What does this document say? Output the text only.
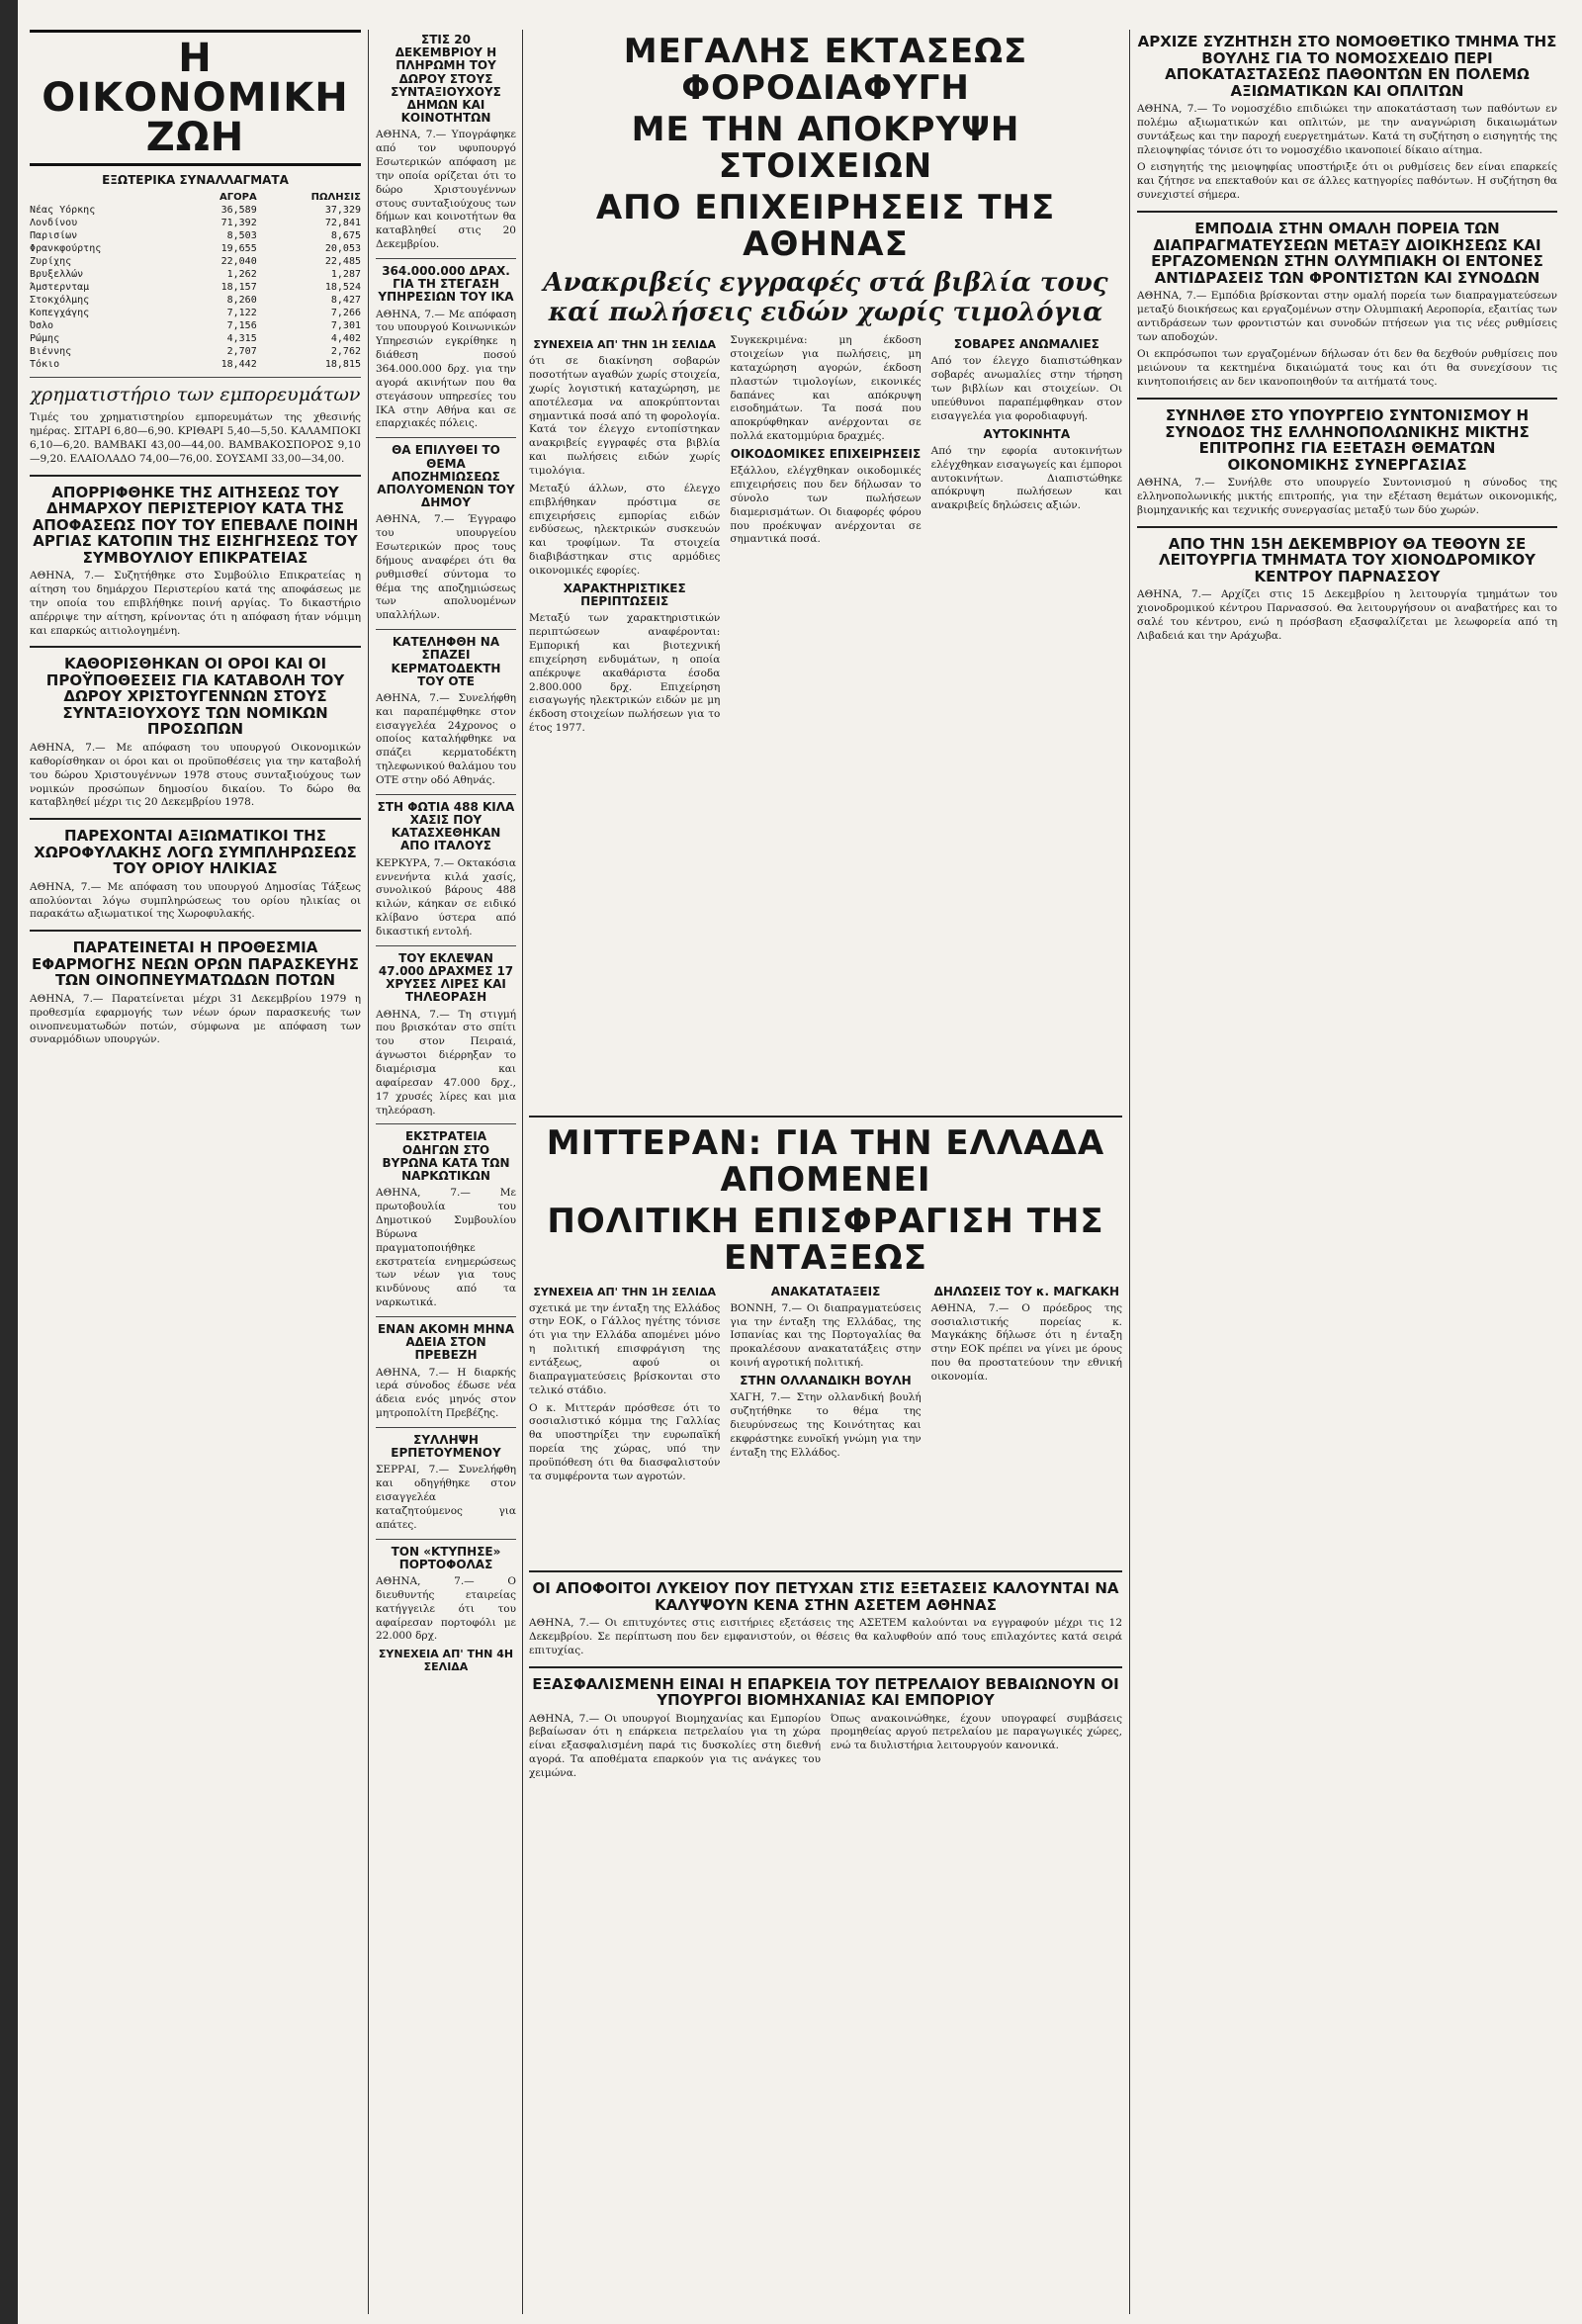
Η ΟΙΚΟΝΟΜΙΚΗ ΖΩΗ
ΕΞΩΤΕΡΙΚΑ ΣΥΝΑΛΛΑΓΜΑΤΑ
	ΑΓΟΡΑ	ΠΩΛΗΣΙΣ
Νέας Υόρκης	36,589	37,329
Λονδίνου	71,392	72,841
Παρισίων	8,503	8,675
Φρανκφούρτης	19,655	20,053
Ζυρίχης	22,040	22,485
Βρυξελλών	1,262	1,287
Άμστερνταμ	18,157	18,524
Στοκχόλμης	8,260	8,427
Κοπεγχάγης	7,122	7,266
Όσλο	7,156	7,301
Ρώμης	4,315	4,402
Βιέννης	2,707	2,762
Τόκιο	18,442	18,815
χρηματιστήριο των εμπορευμάτων

Τιμές του χρηματιστηρίου εμπορευμάτων της χθεσινής ημέρας. ΣΙΤΑΡΙ 6,80—6,90. ΚΡΙΘΑΡΙ 5,40—5,50. ΚΑΛΑΜΠΟΚΙ 6,10—6,20. ΒΑΜΒΑΚΙ 43,00—44,00. ΒΑΜΒΑΚΟΣΠΟΡΟΣ 9,10—9,20. ΕΛΑΙΟΛΑΔΟ 74,00—76,00. ΣΟΥΣΑΜΙ 33,00—34,00.

ΑΠΟΡΡΙΦΘΗΚΕ ΤΗΣ ΑΙΤΗΣΕΩΣ ΤΟΥ ΔΗΜΑΡΧΟΥ ΠΕΡΙΣΤΕΡΙΟΥ ΚΑΤΑ ΤΗΣ ΑΠΟΦΑΣΕΩΣ ΠΟΥ ΤΟΥ ΕΠΕΒΑΛΕ ΠΟΙΝΗ ΑΡΓΙΑΣ ΚΑΤΟΠΙΝ ΤΗΣ ΕΙΣΗΓΗΣΕΩΣ ΤΟΥ ΣΥΜΒΟΥΛΙΟΥ ΕΠΙΚΡΑΤΕΙΑΣ

ΑΘΗΝΑ, 7.— Συζητήθηκε στο Συμβούλιο Επικρατείας η αίτηση του δημάρχου Περιστερίου κατά της αποφάσεως με την οποία του επιβλήθηκε ποινή αργίας. Το δικαστήριο απέρριψε την αίτηση, κρίνοντας ότι η απόφαση ήταν νόμιμη και επαρκώς αιτιολογημένη.

ΚΑΘΟΡΙΣΘΗΚΑΝ ΟΙ ΟΡΟΙ ΚΑΙ ΟΙ ΠΡΟΫΠΟΘΕΣΕΙΣ ΓΙΑ ΚΑΤΑΒΟΛΗ ΤΟΥ ΔΩΡΟΥ ΧΡΙΣΤΟΥΓΕΝΝΩΝ ΣΤΟΥΣ ΣΥΝΤΑΞΙΟΥΧΟΥΣ ΤΩΝ ΝΟΜΙΚΩΝ ΠΡΟΣΩΠΩΝ

ΑΘΗΝΑ, 7.— Με απόφαση του υπουργού Οικονομικών καθορίσθηκαν οι όροι και οι προϋποθέσεις για την καταβολή του δώρου Χριστουγέννων 1978 στους συνταξιούχους των νομικών προσώπων δημοσίου δικαίου. Το δώρο θα καταβληθεί μέχρι τις 20 Δεκεμβρίου 1978.

ΠΑΡΕΧΟΝΤΑΙ ΑΞΙΩΜΑΤΙΚΟΙ ΤΗΣ ΧΩΡΟΦΥΛΑΚΗΣ ΛΟΓΩ ΣΥΜΠΛΗΡΩΣΕΩΣ ΤΟΥ ΟΡΙΟΥ ΗΛΙΚΙΑΣ

ΑΘΗΝΑ, 7.— Με απόφαση του υπουργού Δημοσίας Τάξεως απολύονται λόγω συμπληρώσεως του ορίου ηλικίας οι παρακάτω αξιωματικοί της Χωροφυλακής.

ΠΑΡΑΤΕΙΝΕΤΑΙ Η ΠΡΟΘΕΣΜΙΑ ΕΦΑΡΜΟΓΗΣ ΝΕΩΝ ΟΡΩΝ ΠΑΡΑΣΚΕΥΗΣ ΤΩΝ ΟΙΝΟΠΝΕΥΜΑΤΩΔΩΝ ΠΟΤΩΝ

ΑΘΗΝΑ, 7.— Παρατείνεται μέχρι 31 Δεκεμβρίου 1979 η προθεσμία εφαρμογής των νέων όρων παρασκευής των οινοπνευματωδών ποτών, σύμφωνα με απόφαση των συναρμόδιων υπουργών.

ΣΤΙΣ 20 ΔΕΚΕΜΒΡΙΟΥ Η ΠΛΗΡΩΜΗ ΤΟΥ ΔΩΡΟΥ ΣΤΟΥΣ ΣΥΝΤΑΞΙΟΥΧΟΥΣ ΔΗΜΩΝ ΚΑΙ ΚΟΙΝΟΤΗΤΩΝ

ΑΘΗΝΑ, 7.— Υπογράφηκε από τον υφυπουργό Εσωτερικών απόφαση με την οποία ορίζεται ότι το δώρο Χριστουγέννων στους συνταξιούχους των δήμων και κοινοτήτων θα καταβληθεί στις 20 Δεκεμβρίου.

364.000.000 ΔΡΑΧ. ΓΙΑ ΤΗ ΣΤΕΓΑΣΗ ΥΠΗΡΕΣΙΩΝ ΤΟΥ ΙΚΑ

ΑΘΗΝΑ, 7.— Με απόφαση του υπουργού Κοινωνικών Υπηρεσιών εγκρίθηκε η διάθεση ποσού 364.000.000 δρχ. για την αγορά ακινήτων που θα στεγάσουν υπηρεσίες του ΙΚΑ στην Αθήνα και σε επαρχιακές πόλεις.

ΘΑ ΕΠΙΛΥΘΕΙ ΤΟ ΘΕΜΑ ΑΠΟΖΗΜΙΩΣΕΩΣ ΑΠΟΛΥΟΜΕΝΩΝ ΤΟΥ ΔΗΜΟΥ

ΑΘΗΝΑ, 7.— Έγγραφο του υπουργείου Εσωτερικών προς τους δήμους αναφέρει ότι θα ρυθμισθεί σύντομα το θέμα της αποζημιώσεως των απολυομένων υπαλλήλων.

ΚΑΤΕΛΗΦΘΗ ΝΑ ΣΠΑΖΕΙ ΚΕΡΜΑΤΟΔΕΚΤΗ ΤΟΥ ΟΤΕ

ΑΘΗΝΑ, 7.— Συνελήφθη και παραπέμφθηκε στον εισαγγελέα 24χρονος ο οποίος καταλήφθηκε να σπάζει κερματοδέκτη τηλεφωνικού θαλάμου του ΟΤΕ στην οδό Αθηνάς.

ΣΤΗ ΦΩΤΙΑ 488 ΚΙΛΑ ΧΑΣΙΣ ΠΟΥ ΚΑΤΑΣΧΕΘΗΚΑΝ ΑΠΟ ΙΤΑΛΟΥΣ

ΚΕΡΚΥΡΑ, 7.— Οκτακόσια εννενήντα κιλά χασίς, συνολικού βάρους 488 κιλών, κάηκαν σε ειδικό κλίβανο ύστερα από δικαστική εντολή.

ΤΟΥ ΕΚΛΕΨΑΝ 47.000 ΔΡΑΧΜΕΣ 17 ΧΡΥΣΕΣ ΛΙΡΕΣ ΚΑΙ ΤΗΛΕΟΡΑΣΗ

ΑΘΗΝΑ, 7.— Τη στιγμή που βρισκόταν στο σπίτι του στον Πειραιά, άγνωστοι διέρρηξαν το διαμέρισμα και αφαίρεσαν 47.000 δρχ., 17 χρυσές λίρες και μια τηλεόραση.

ΕΚΣΤΡΑΤΕΙΑ ΟΔΗΓΩΝ ΣΤΟ ΒΥΡΩΝΑ ΚΑΤΑ ΤΩΝ ΝΑΡΚΩΤΙΚΩΝ

ΑΘΗΝΑ, 7.— Με πρωτοβουλία του Δημοτικού Συμβουλίου Βύρωνα πραγματοποιήθηκε εκστρατεία ενημερώσεως των νέων για τους κινδύνους από τα ναρκωτικά.

ΕΝΑΝ ΑΚΟΜΗ ΜΗΝΑ ΑΔΕΙΑ ΣΤΟΝ ΠΡΕΒΕΖΗ

ΑΘΗΝΑ, 7.— Η διαρκής ιερά σύνοδος έδωσε νέα άδεια ενός μηνός στον μητροπολίτη Πρεβέζης.

ΣΥΛΛΗΨΗ ΕΡΠΕΤΟΥΜΕΝΟΥ

ΣΕΡΡΑΙ, 7.— Συνελήφθη και οδηγήθηκε στον εισαγγελέα καταζητούμενος για απάτες.

ΤΟΝ «ΚΤΥΠΗΣΕ» ΠΟΡΤΟΦΟΛΑΣ

ΑΘΗΝΑ, 7.— Ο διευθυντής εταιρείας κατήγγειλε ότι του αφαίρεσαν πορτοφόλι με 22.000 δρχ.

ΣΥΝΕΧΕΙΑ ΑΠ' ΤΗΝ 4Η ΣΕΛΙΔΑ
ΜΕΓΑΛΗΣ ΕΚΤΑΣΕΩΣ ΦΟΡΟΔΙΑΦΥΓΗ
ΜΕ ΤΗΝ ΑΠΟΚΡΥΨΗ ΣΤΟΙΧΕΙΩΝ
ΑΠΟ ΕΠΙΧΕΙΡΗΣΕΙΣ ΤΗΣ ΑΘΗΝΑΣ
Ανακριβείς εγγραφές στά βιβλία τους καί πωλήσεις ειδών χωρίς τιμολόγια
ΣΥΝΕΧΕΙΑ ΑΠ' ΤΗΝ 1Η ΣΕΛΙΔΑ

ότι σε διακίνηση σοβαρών ποσοτήτων αγαθών χωρίς στοιχεία, χωρίς λογιστική καταχώρηση, με αποτέλεσμα να αποκρύπτονται σημαντικά ποσά από τη φορολογία. Κατά τον έλεγχο εντοπίστηκαν ανακριβείς εγγραφές στα βιβλία και πωλήσεις ειδών χωρίς τιμολόγια.

Μεταξύ άλλων, στο έλεγχο επιβλήθηκαν πρόστιμα σε επιχειρήσεις εμπορίας ειδών ενδύσεως, ηλεκτρικών συσκευών και τροφίμων. Τα στοιχεία διαβιβάστηκαν στις αρμόδιες οικονομικές εφορίες.

ΧΑΡΑΚΤΗΡΙΣΤΙΚΕΣ ΠΕΡΙΠΤΩΣΕΙΣ

Μεταξύ των χαρακτηριστικών περιπτώσεων αναφέρονται: Εμπορική και βιοτεχνική επιχείρηση ενδυμάτων, η οποία απέκρυψε ακαθάριστα έσοδα 2.800.000 δρχ. Επιχείρηση εισαγωγής ηλεκτρικών ειδών με μη έκδοση στοιχείων πωλήσεων για το έτος 1977.

Συγκεκριμένα: μη έκδοση στοιχείων για πωλήσεις, μη καταχώρηση αγορών, έκδοση πλαστών τιμολογίων, εικονικές δαπάνες και απόκρυψη εισοδημάτων. Τα ποσά που αποκρύφθηκαν ανέρχονται σε πολλά εκατομμύρια δραχμές.

ΟΙΚΟΔΟΜΙΚΕΣ ΕΠΙΧΕΙΡΗΣΕΙΣ

Εξάλλου, ελέγχθηκαν οικοδομικές επιχειρήσεις που δεν δήλωσαν το σύνολο των πωλήσεων διαμερισμάτων. Οι διαφορές φόρου που προέκυψαν ανέρχονται σε σημαντικά ποσά.

ΣΟΒΑΡΕΣ ΑΝΩΜΑΛΙΕΣ

Από τον έλεγχο διαπιστώθηκαν σοβαρές ανωμαλίες στην τήρηση των βιβλίων και στοιχείων. Οι υπεύθυνοι παραπέμφθηκαν στον εισαγγελέα για φοροδιαφυγή.

ΑΥΤΟΚΙΝΗΤΑ

Από την εφορία αυτοκινήτων ελέγχθηκαν εισαγωγείς και έμποροι αυτοκινήτων. Διαπιστώθηκε απόκρυψη πωλήσεων και ανακριβείς δηλώσεις αξιών.

ΜΙΤΤΕΡΑΝ: ΓΙΑ ΤΗΝ ΕΛΛΑΔΑ ΑΠΟΜΕΝΕΙ
ΠΟΛΙΤΙΚΗ ΕΠΙΣΦΡΑΓΙΣΗ ΤΗΣ ΕΝΤΑΞΕΩΣ
ΣΥΝΕΧΕΙΑ ΑΠ' ΤΗΝ 1Η ΣΕΛΙΔΑ

σχετικά με την ένταξη της Ελλάδος στην ΕΟΚ, ο Γάλλος ηγέτης τόνισε ότι για την Ελλάδα απομένει μόνο η πολιτική επισφράγιση της εντάξεως, αφού οι διαπραγματεύσεις βρίσκονται στο τελικό στάδιο.

Ο κ. Μιττεράν πρόσθεσε ότι το σοσιαλιστικό κόμμα της Γαλλίας θα υποστηρίξει την ευρωπαϊκή πορεία της χώρας, υπό την προϋπόθεση ότι θα διασφαλιστούν τα συμφέροντα των αγροτών.

ΑΝΑΚΑΤΑΤΑΞΕΙΣ

ΒΟΝΝΗ, 7.— Οι διαπραγματεύσεις για την ένταξη της Ελλάδας, της Ισπανίας και της Πορτογαλίας θα προκαλέσουν ανακατατάξεις στην κοινή αγροτική πολιτική.

ΣΤΗΝ ΟΛΛΑΝΔΙΚΗ ΒΟΥΛΗ

ΧΑΓΗ, 7.— Στην ολλανδική βουλή συζητήθηκε το θέμα της διευρύνσεως της Κοινότητας και εκφράστηκε ευνοϊκή γνώμη για την ένταξη της Ελλάδος.

ΔΗΛΩΣΕΙΣ ΤΟΥ κ. ΜΑΓΚΑΚΗ

ΑΘΗΝΑ, 7.— Ο πρόεδρος της σοσιαλιστικής πορείας κ. Μαγκάκης δήλωσε ότι η ένταξη στην ΕΟΚ πρέπει να γίνει με όρους που θα προστατεύουν την εθνική οικονομία.

ΟΙ ΑΠΟΦΟΙΤΟΙ ΛΥΚΕΙΟΥ ΠΟΥ ΠΕΤΥΧΑΝ ΣΤΙΣ ΕΞΕΤΑΣΕΙΣ ΚΑΛΟΥΝΤΑΙ ΝΑ ΚΑΛΥΨΟΥΝ ΚΕΝΑ ΣΤΗΝ ΑΣΕΤΕΜ ΑΘΗΝΑΣ

ΑΘΗΝΑ, 7.— Οι επιτυχόντες στις εισιτήριες εξετάσεις της ΑΣΕΤΕΜ καλούνται να εγγραφούν μέχρι τις 12 Δεκεμβρίου. Σε περίπτωση που δεν εμφανιστούν, οι θέσεις θα καλυφθούν από τους επιλαχόντες κατά σειρά επιτυχίας.

ΕΞΑΣΦΑΛΙΣΜΕΝΗ ΕΙΝΑΙ Η ΕΠΑΡΚΕΙΑ ΤΟΥ ΠΕΤΡΕΛΑΙΟΥ ΒΕΒΑΙΩΝΟΥΝ ΟΙ ΥΠΟΥΡΓΟΙ ΒΙΟΜΗΧΑΝΙΑΣ ΚΑΙ ΕΜΠΟΡΙΟΥ

ΑΘΗΝΑ, 7.— Οι υπουργοί Βιομηχανίας και Εμπορίου βεβαίωσαν ότι η επάρκεια πετρελαίου για τη χώρα είναι εξασφαλισμένη παρά τις δυσκολίες στη διεθνή αγορά. Τα αποθέματα επαρκούν για τις ανάγκες του χειμώνα.

Όπως ανακοινώθηκε, έχουν υπογραφεί συμβάσεις προμηθείας αργού πετρελαίου με παραγωγικές χώρες, ενώ τα διυλιστήρια λειτουργούν κανονικά.

ΑΡΧΙΖΕ ΣΥΖΗΤΗΣΗ ΣΤΟ ΝΟΜΟΘΕΤΙΚΟ ΤΜΗΜΑ ΤΗΣ ΒΟΥΛΗΣ ΓΙΑ ΤΟ ΝΟΜΟΣΧΕΔΙΟ ΠΕΡΙ ΑΠΟΚΑΤΑΣΤΑΣΕΩΣ ΠΑΘΟΝΤΩΝ ΕΝ ΠΟΛΕΜΩ ΑΞΙΩΜΑΤΙΚΩΝ ΚΑΙ ΟΠΛΙΤΩΝ

ΑΘΗΝΑ, 7.— Το νομοσχέδιο επιδιώκει την αποκατάσταση των παθόντων εν πολέμω αξιωματικών και οπλιτών, με την αναγνώριση δικαιωμάτων συντάξεως και την παροχή ευεργετημάτων. Κατά τη συζήτηση ο εισηγητής της πλειοψηφίας τόνισε ότι το νομοσχέδιο ικανοποιεί δίκαιο αίτημα.

Ο εισηγητής της μειοψηφίας υποστήριξε ότι οι ρυθμίσεις δεν είναι επαρκείς και ζήτησε να επεκταθούν και σε άλλες κατηγορίες παθόντων. Η συζήτηση θα συνεχιστεί σήμερα.

ΕΜΠΟΔΙΑ ΣΤΗΝ ΟΜΑΛΗ ΠΟΡΕΙΑ ΤΩΝ ΔΙΑΠΡΑΓΜΑΤΕΥΣΕΩΝ ΜΕΤΑΞΥ ΔΙΟΙΚΗΣΕΩΣ ΚΑΙ ΕΡΓΑΖΟΜΕΝΩΝ ΣΤΗΝ ΟΛΥΜΠΙΑΚΗ ΟΙ ΕΝΤΟΝΕΣ ΑΝΤΙΔΡΑΣΕΙΣ ΤΩΝ ΦΡΟΝΤΙΣΤΩΝ ΚΑΙ ΣΥΝΟΔΩΝ

ΑΘΗΝΑ, 7.— Εμπόδια βρίσκονται στην ομαλή πορεία των διαπραγματεύσεων μεταξύ διοικήσεως και εργαζομένων στην Ολυμπιακή Αεροπορία, εξαιτίας των αντιδράσεων των φροντιστών και συνοδών πτήσεων για τις νέες ρυθμίσεις των αποδοχών.

Οι εκπρόσωποι των εργαζομένων δήλωσαν ότι δεν θα δεχθούν ρυθμίσεις που μειώνουν τα κεκτημένα δικαιώματά τους και ότι θα συνεχίσουν τις κινητοποιήσεις αν δεν ικανοποιηθούν τα αιτήματά τους.

ΣΥΝΗΛΘΕ ΣΤΟ ΥΠΟΥΡΓΕΙΟ ΣΥΝΤΟΝΙΣΜΟΥ Η ΣΥΝΟΔΟΣ ΤΗΣ ΕΛΛΗΝΟΠΟΛΩΝΙΚΗΣ ΜΙΚΤΗΣ ΕΠΙΤΡΟΠΗΣ ΓΙΑ ΕΞΕΤΑΣΗ ΘΕΜΑΤΩΝ ΟΙΚΟΝΟΜΙΚΗΣ ΣΥΝΕΡΓΑΣΙΑΣ

ΑΘΗΝΑ, 7.— Συνήλθε στο υπουργείο Συντονισμού η σύνοδος της ελληνοπολωνικής μικτής επιτροπής, για την εξέταση θεμάτων οικονομικής, βιομηχανικής και τεχνικής συνεργασίας μεταξύ των δύο χωρών.

ΑΠΟ ΤΗΝ 15Η ΔΕΚΕΜΒΡΙΟΥ ΘΑ ΤΕΘΟΥΝ ΣΕ ΛΕΙΤΟΥΡΓΙΑ ΤΜΗΜΑΤΑ ΤΟΥ ΧΙΟΝΟΔΡΟΜΙΚΟΥ ΚΕΝΤΡΟΥ ΠΑΡΝΑΣΣΟΥ

ΑΘΗΝΑ, 7.— Αρχίζει στις 15 Δεκεμβρίου η λειτουργία τμημάτων του χιονοδρομικού κέντρου Παρνασσού. Θα λειτουργήσουν οι αναβατήρες και το σαλέ του κέντρου, ενώ η πρόσβαση εξασφαλίζεται με λεωφορεία από τη Λιβαδειά και την Αράχωβα.
